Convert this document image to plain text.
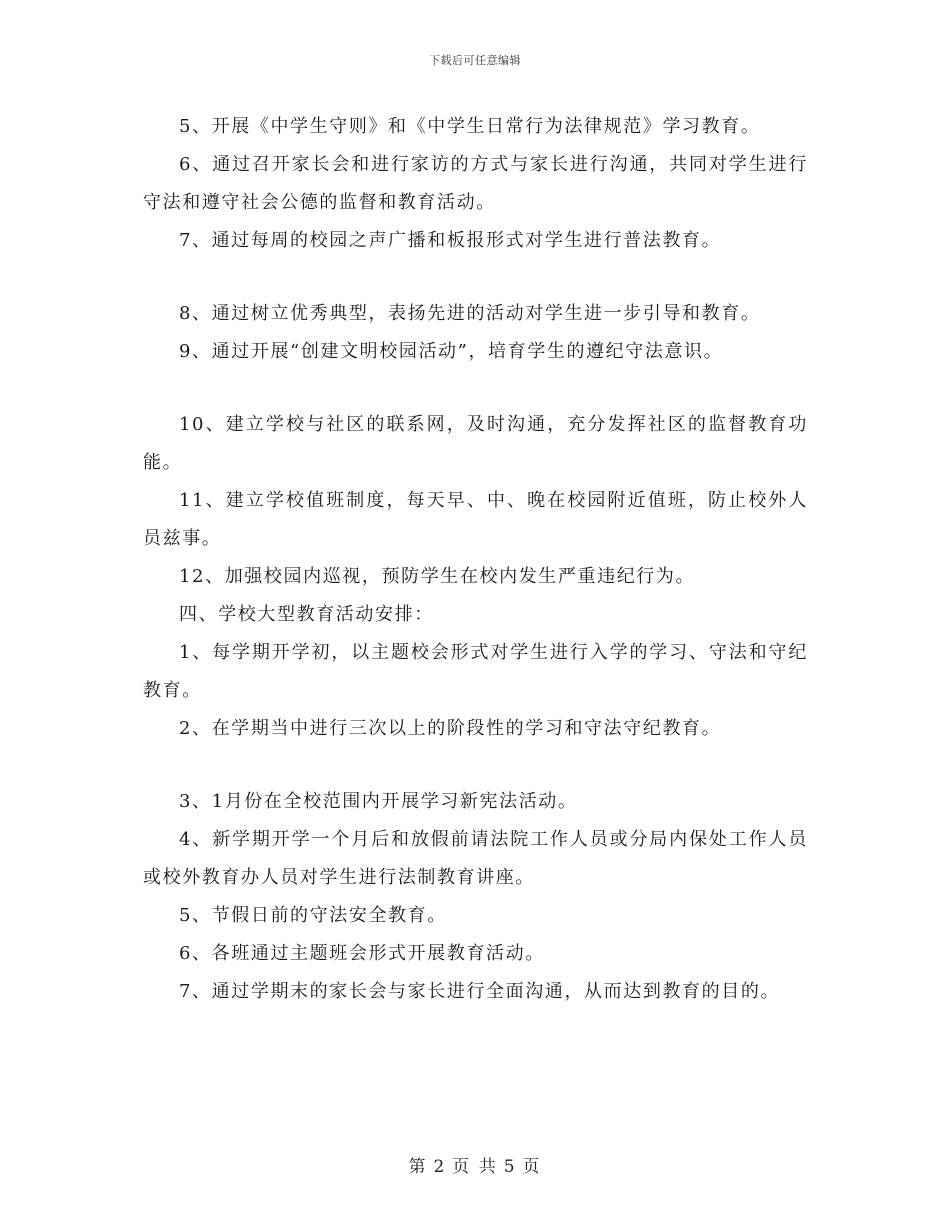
下载后可任意编辑

5、开展《中学生守则》和《中学生日常行为法律规范》学习教育。

6、通过召开家长会和进行家访的方式与家长进行沟通，共同对学生进行守法和遵守社会公德的监督和教育活动。

7、通过每周的校园之声广播和板报形式对学生进行普法教育。

8、通过树立优秀典型，表扬先进的活动对学生进一步引导和教育。

9、通过开展“创建文明校园活动”，培育学生的遵纪守法意识。

10、建立学校与社区的联系网，及时沟通，充分发挥社区的监督教育功能。

11、建立学校值班制度，每天早、中、晚在校园附近值班，防止校外人员兹事。

12、加强校园内巡视，预防学生在校内发生严重违纪行为。

四、学校大型教育活动安排：

1、每学期开学初，以主题校会形式对学生进行入学的学习、守法和守纪教育。

2、在学期当中进行三次以上的阶段性的学习和守法守纪教育。

3、1月份在全校范围内开展学习新宪法活动。

4、新学期开学一个月后和放假前请法院工作人员或分局内保处工作人员或校外教育办人员对学生进行法制教育讲座。

5、节假日前的守法安全教育。

6、各班通过主题班会形式开展教育活动。

7、通过学期末的家长会与家长进行全面沟通，从而达到教育的目的。

第 2 页 共 5 页
